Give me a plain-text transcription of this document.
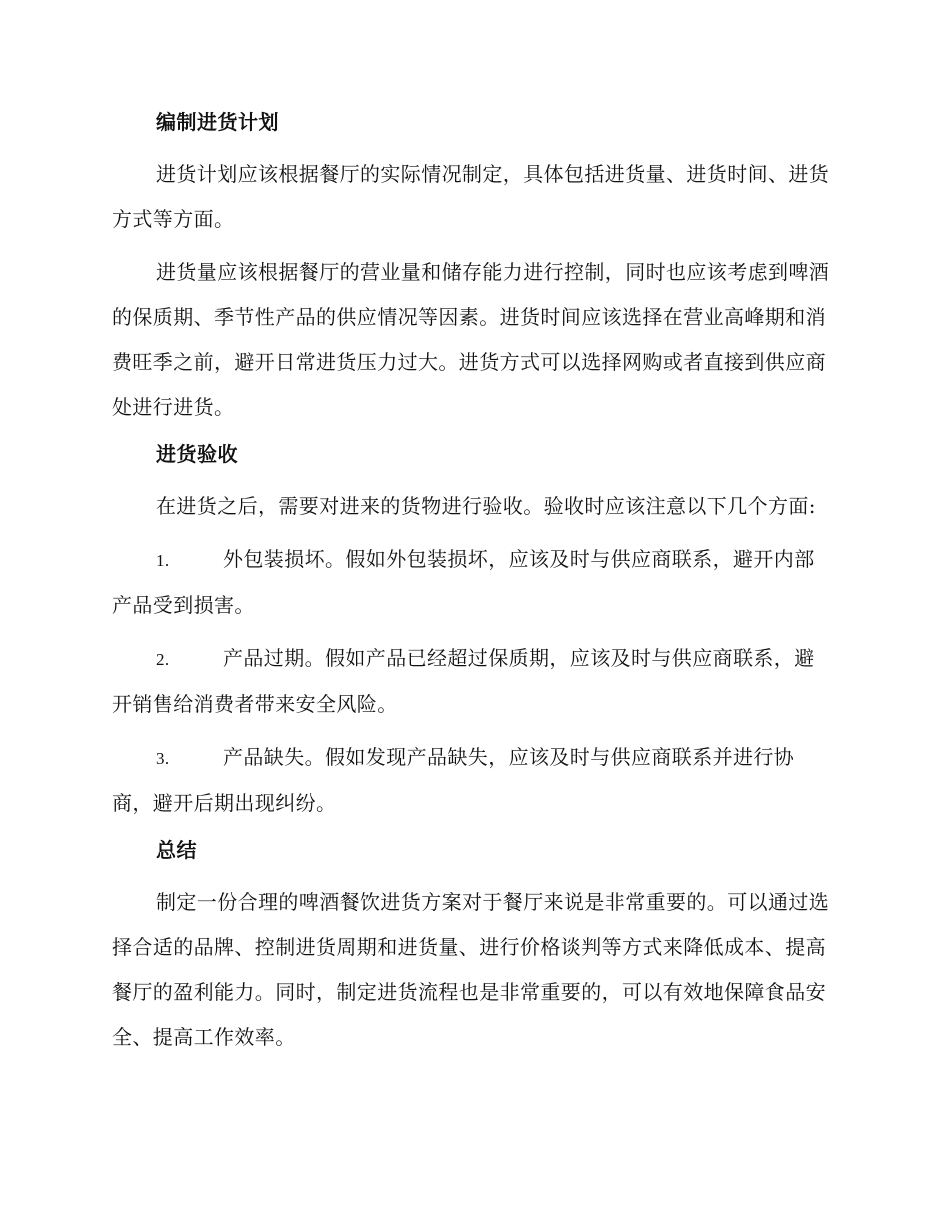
编制进货计划

进货计划应该根据餐厅的实际情况制定，具体包括进货量、进货时间、进货方式等方面。

进货量应该根据餐厅的营业量和储存能力进行控制，同时也应该考虑到啤酒的保质期、季节性产品的供应情况等因素。进货时间应该选择在营业高峰期和消费旺季之前，避开日常进货压力过大。进货方式可以选择网购或者直接到供应商处进行进货。

进货验收

在进货之后，需要对进来的货物进行验收。验收时应该注意以下几个方面:

1.	外包装损坏。假如外包装损坏，应该及时与供应商联系，避开内部产品受到损害。

2.	产品过期。假如产品已经超过保质期，应该及时与供应商联系，避开销售给消费者带来安全风险。

3.	产品缺失。假如发现产品缺失，应该及时与供应商联系并进行协商，避开后期出现纠纷。

总结

制定一份合理的啤酒餐饮进货方案对于餐厅来说是非常重要的。可以通过选择合适的品牌、控制进货周期和进货量、进行价格谈判等方式来降低成本、提高餐厅的盈利能力。同时，制定进货流程也是非常重要的，可以有效地保障食品安全、提高工作效率。
